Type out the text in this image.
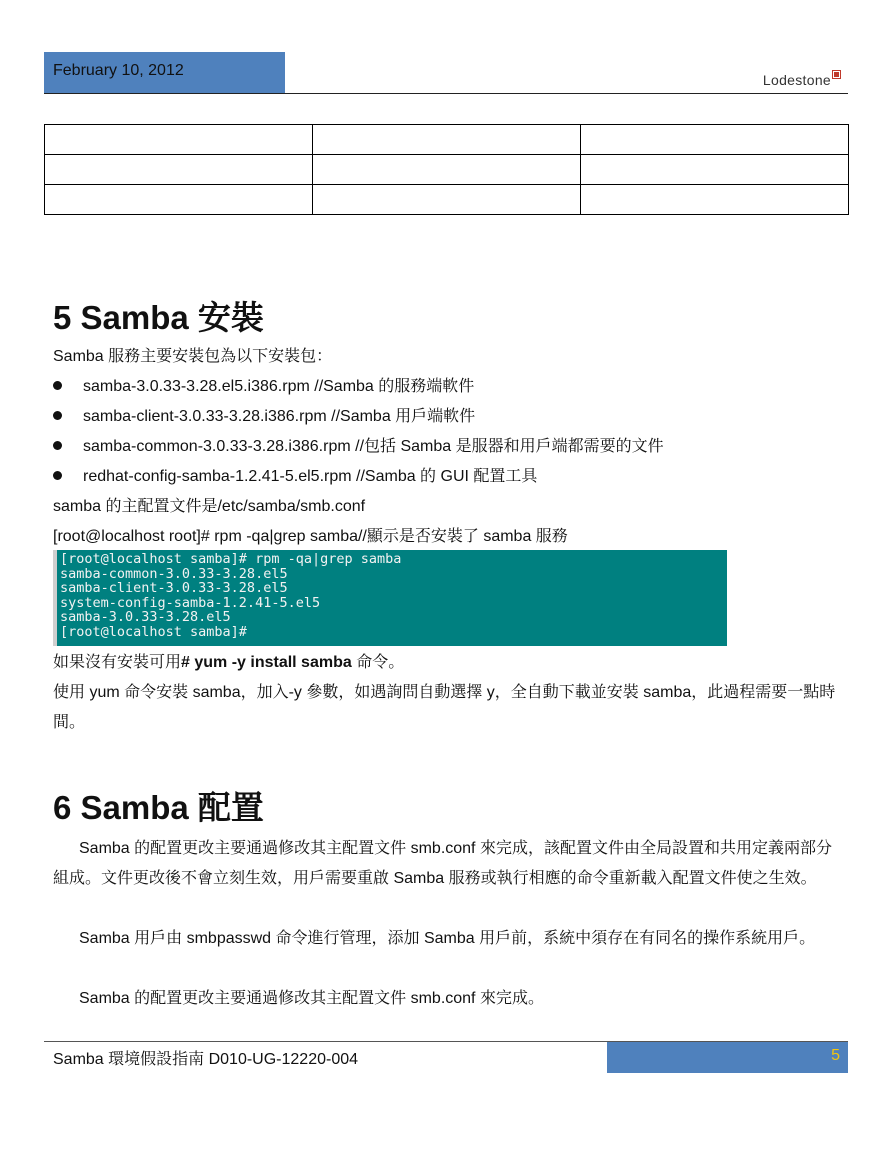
February 10, 2012
Lodestone

5 Samba 安裝
Samba 服務主要安裝包為以下安裝包：
samba-3.0.33-3.28.el5.i386.rpm //Samba 的服務端軟件
samba-client-3.0.33-3.28.i386.rpm //Samba 用戶端軟件
samba-common-3.0.33-3.28.i386.rpm //包括 Samba 是服器和用戶端都需要的文件
redhat-config-samba-1.2.41-5.el5.rpm //Samba 的 GUI 配置工具
samba 的主配置文件是/etc/samba/smb.conf
[root@localhost root]# rpm -qa|grep samba//顯示是否安裝了 samba 服務
[root@localhost samba]# rpm -qa|grep samba
samba-common-3.0.33-3.28.el5
samba-client-3.0.33-3.28.el5
system-config-samba-1.2.41-5.el5
samba-3.0.33-3.28.el5
[root@localhost samba]#
如果沒有安裝可用# yum -y install samba 命令。
使用 yum 命令安裝 samba，加入-y 參數，如遇詢問自動選擇 y，全自動下載並安裝 samba，此過程需要一點時間。
6 Samba 配置
Samba 的配置更改主要通過修改其主配置文件 smb.conf 來完成，該配置文件由全局設置和共用定義兩部分組成。文件更改後不會立刻生效，用戶需要重啟 Samba 服務或執行相應的命令重新載入配置文件使之生效。
Samba 用戶由 smbpasswd 命令進行管理，添加 Samba 用戶前，系統中須存在有同名的操作系統用戶。
Samba 的配置更改主要通過修改其主配置文件 smb.conf 來完成。
Samba 環境假設指南 D010-UG-12220-004	5
